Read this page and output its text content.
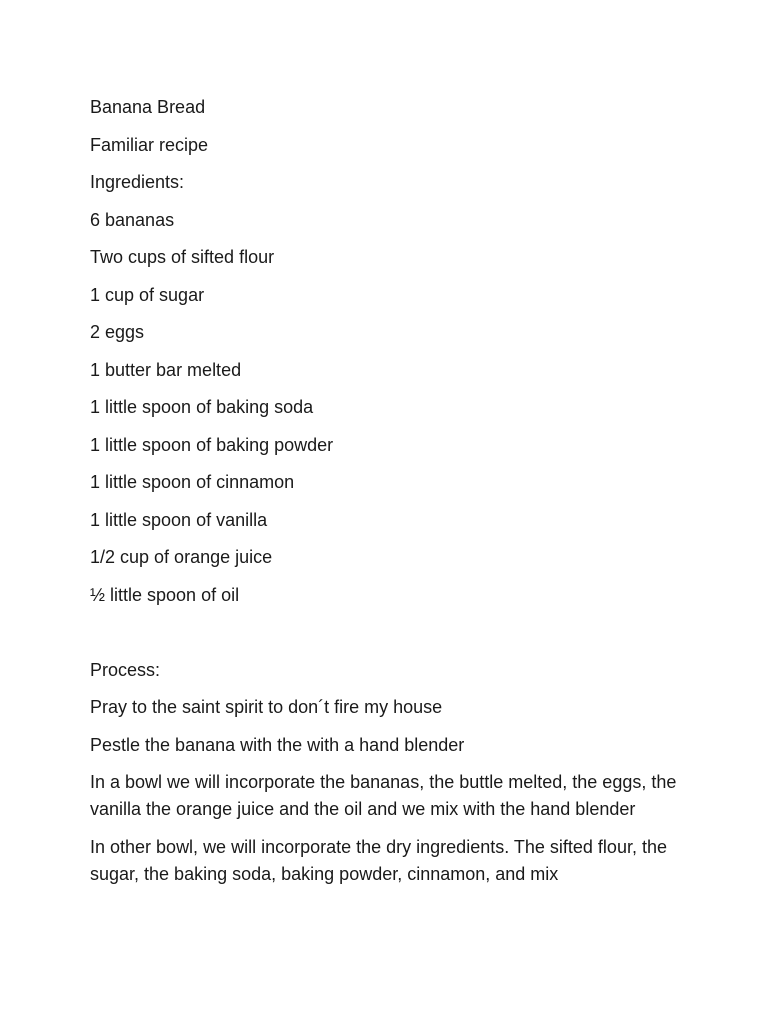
Banana Bread

Familiar recipe

Ingredients:

6 bananas

Two cups of sifted flour

1 cup of sugar

2 eggs

1 butter bar melted

1 little spoon of baking soda

1 little spoon of baking powder

1 little spoon of cinnamon

1 little spoon of vanilla

1/2 cup of orange juice

½ little spoon of oil

Process:

Pray to the saint spirit to don´t fire my house

Pestle the banana with the with a hand blender

In a bowl we will incorporate the bananas, the buttle melted, the eggs, the vanilla the orange juice and the oil and we mix with the hand blender

In other bowl, we will incorporate the dry ingredients. The sifted flour, the sugar, the baking soda, baking powder, cinnamon, and mix
